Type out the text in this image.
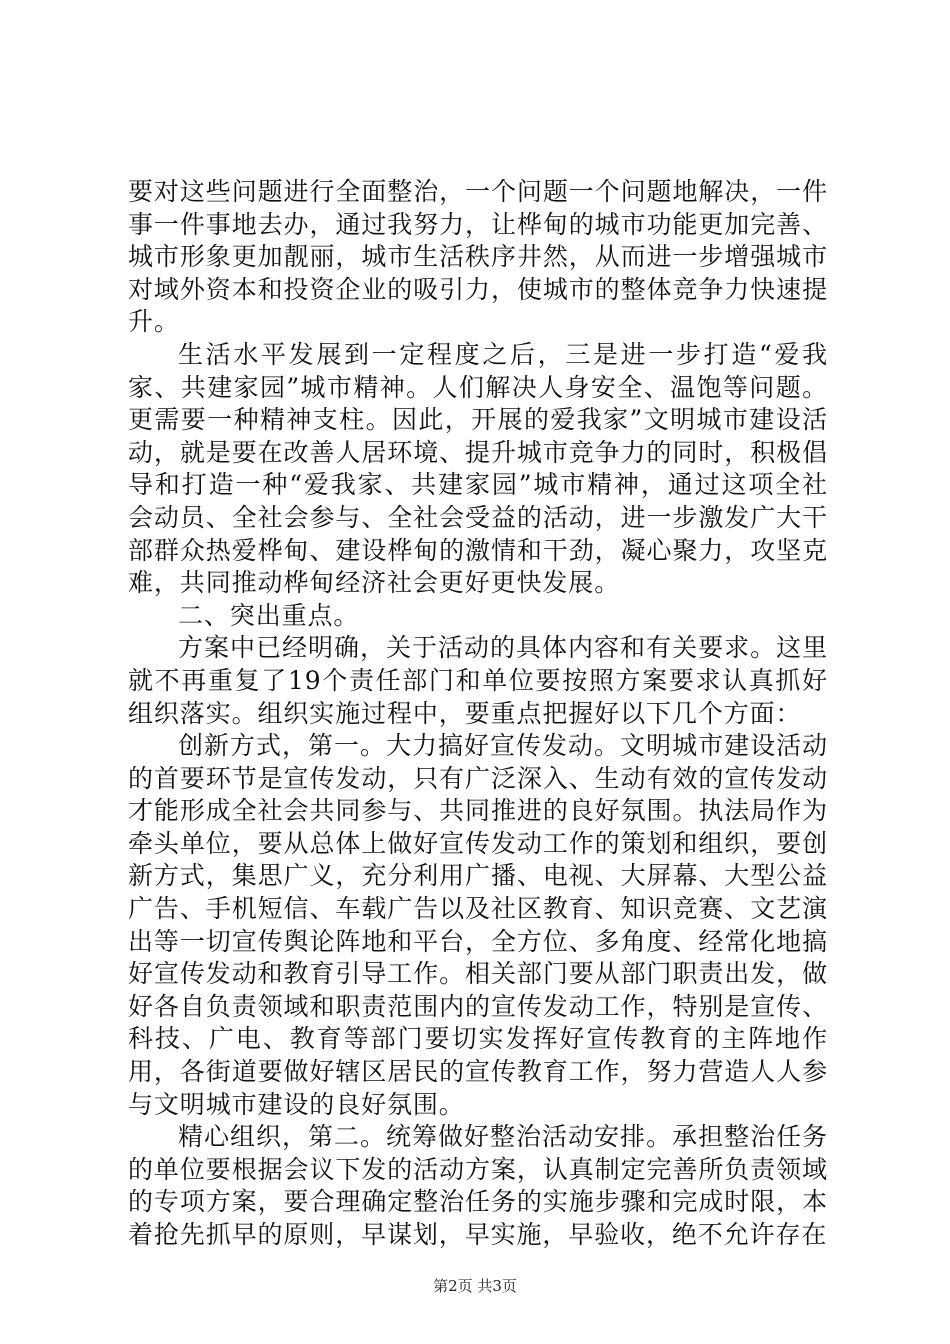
要对这些问题进行全面整治，一个问题一个问题地解决，一件事一件事地去办，通过我努力，让桦甸的城市功能更加完善、城市形象更加靓丽，城市生活秩序井然，从而进一步增强城市对域外资本和投资企业的吸引力，使城市的整体竞争力快速提升。

生活水平发展到一定程度之后，三是进一步打造“爱我家、共建家园”城市精神。人们解决人身安全、温饱等问题。更需要一种精神支柱。因此，开展的爱我家”文明城市建设活动，就是要在改善人居环境、提升城市竞争力的同时，积极倡导和打造一种“爱我家、共建家园”城市精神，通过这项全社会动员、全社会参与、全社会受益的活动，进一步激发广大干部群众热爱桦甸、建设桦甸的激情和干劲，凝心聚力，攻坚克难，共同推动桦甸经济社会更好更快发展。

二、突出重点。

方案中已经明确，关于活动的具体内容和有关要求。这里就不再重复了19个责任部门和单位要按照方案要求认真抓好组织落实。组织实施过程中，要重点把握好以下几个方面：

创新方式，第一。大力搞好宣传发动。文明城市建设活动的首要环节是宣传发动，只有广泛深入、生动有效的宣传发动才能形成全社会共同参与、共同推进的良好氛围。执法局作为牵头单位，要从总体上做好宣传发动工作的策划和组织，要创新方式，集思广义，充分利用广播、电视、大屏幕、大型公益广告、手机短信、车载广告以及社区教育、知识竞赛、文艺演出等一切宣传舆论阵地和平台，全方位、多角度、经常化地搞好宣传发动和教育引导工作。相关部门要从部门职责出发，做好各自负责领域和职责范围内的宣传发动工作，特别是宣传、科技、广电、教育等部门要切实发挥好宣传教育的主阵地作用，各街道要做好辖区居民的宣传教育工作，努力营造人人参与文明城市建设的良好氛围。

精心组织，第二。统筹做好整治活动安排。承担整治任务的单位要根据会议下发的活动方案，认真制定完善所负责领域的专项方案，要合理确定整治任务的实施步骤和完成时限，本着抢先抓早的原则，早谋划，早实施，早验收，绝不允许存在

第2页 共3页
